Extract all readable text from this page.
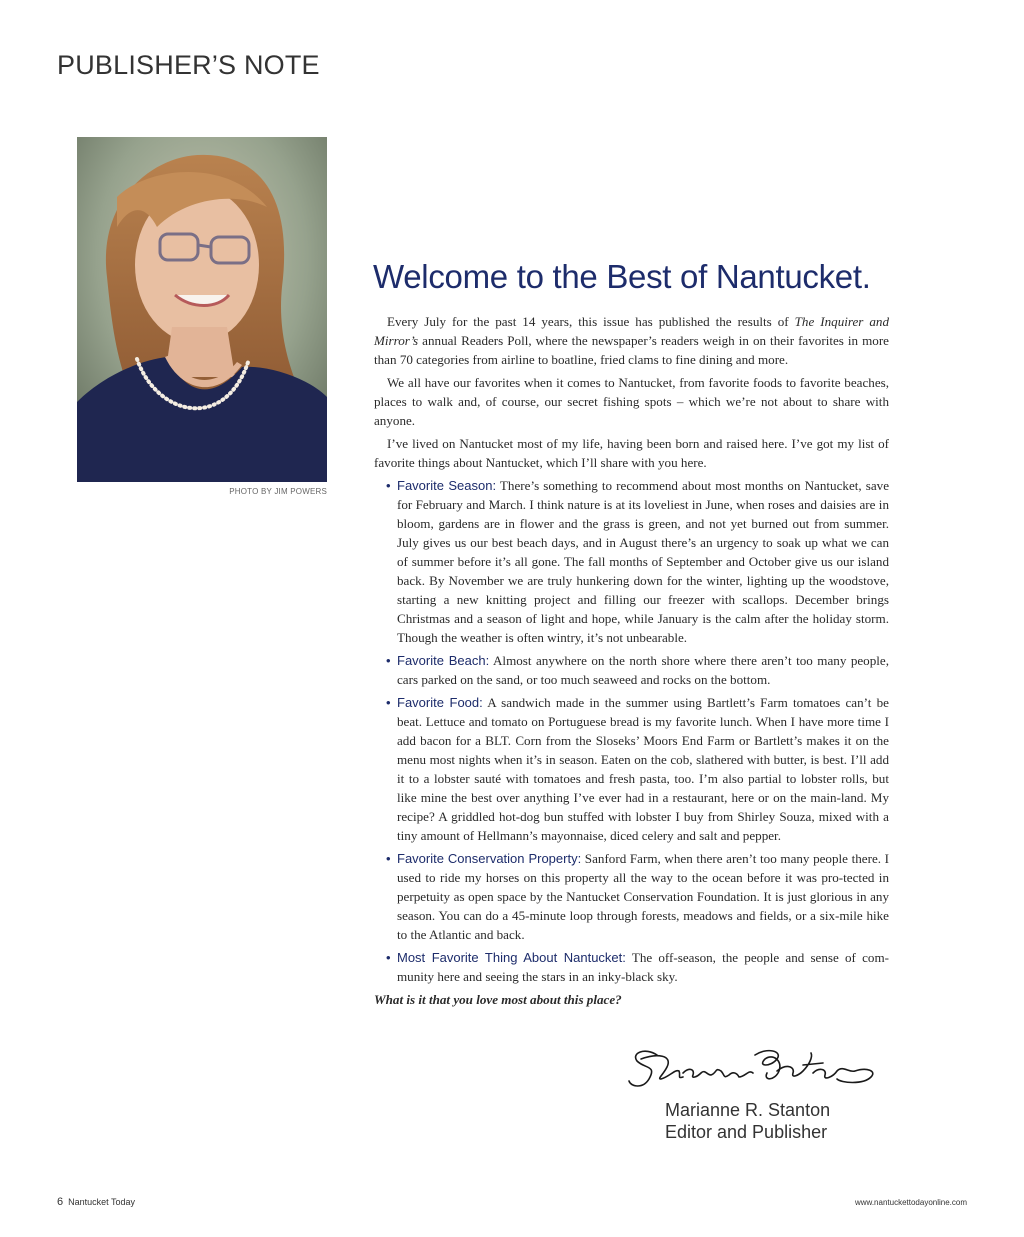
PUBLISHER’S NOTE
PHOTO BY JIM POWERS
Welcome to the Best of Nantucket.

Every July for the past 14 years, this issue has published the results of The Inquirer and Mirror’s annual Readers Poll, where the newspaper’s readers weigh in on their favorites in more than 70 categories from airline to boatline, fried clams to fine dining and more.

We all have our favorites when it comes to Nantucket, from favorite foods to favorite beaches, places to walk and, of course, our secret fishing spots – which we’re not about to share with anyone.

I’ve lived on Nantucket most of my life, having been born and raised here. I’ve got my list of favorite things about Nantucket, which I’ll share with you here.

• Favorite Season: There’s something to recommend about most months on Nantucket, save for February and March. I think nature is at its loveliest in June, when roses and daisies are in bloom, gardens are in flower and the grass is green, and not yet burned out from summer. July gives us our best beach days, and in August there’s an urgency to soak up what we can of summer before it’s all gone. The fall months of September and October give us our island back. By November we are truly hunkering down for the winter, lighting up the woodstove, starting a new knitting project and filling our freezer with scallops. December brings Christmas and a season of light and hope, while January is the calm after the holiday storm. Though the weather is often wintry, it’s not unbearable.
• Favorite Beach: Almost anywhere on the north shore where there aren’t too many people, cars parked on the sand, or too much seaweed and rocks on the bottom.
• Favorite Food: A sandwich made in the summer using Bartlett’s Farm tomatoes can’t be beat. Lettuce and tomato on Portuguese bread is my favorite lunch. When I have more time I add bacon for a BLT. Corn from the Sloseks’ Moors End Farm or Bartlett’s makes it on the menu most nights when it’s in season. Eaten on the cob, slathered with butter, is best. I’ll add it to a lobster sauté with tomatoes and fresh pasta, too. I’m also partial to lobster rolls, but like mine the best over anything I’ve ever had in a restaurant, here or on the main-land. My recipe? A griddled hot-dog bun stuffed with lobster I buy from Shirley Souza, mixed with a tiny amount of Hellmann’s mayonnaise, diced celery and salt and pepper.
• Favorite Conservation Property: Sanford Farm, when there aren’t too many people there. I used to ride my horses on this property all the way to the ocean before it was pro-tected in perpetuity as open space by the Nantucket Conservation Foundation. It is just glorious in any season. You can do a 45-minute loop through forests, meadows and fields, or a six-mile hike to the Atlantic and back.
• Most Favorite Thing About Nantucket: The off-season, the people and sense of com-munity here and seeing the stars in an inky-black sky.

What is it that you love most about this place?

Marianne Stanton
Marianne R. Stanton
Editor and Publisher
6 Nantucket Today	www.nantuckettodayonline.com
